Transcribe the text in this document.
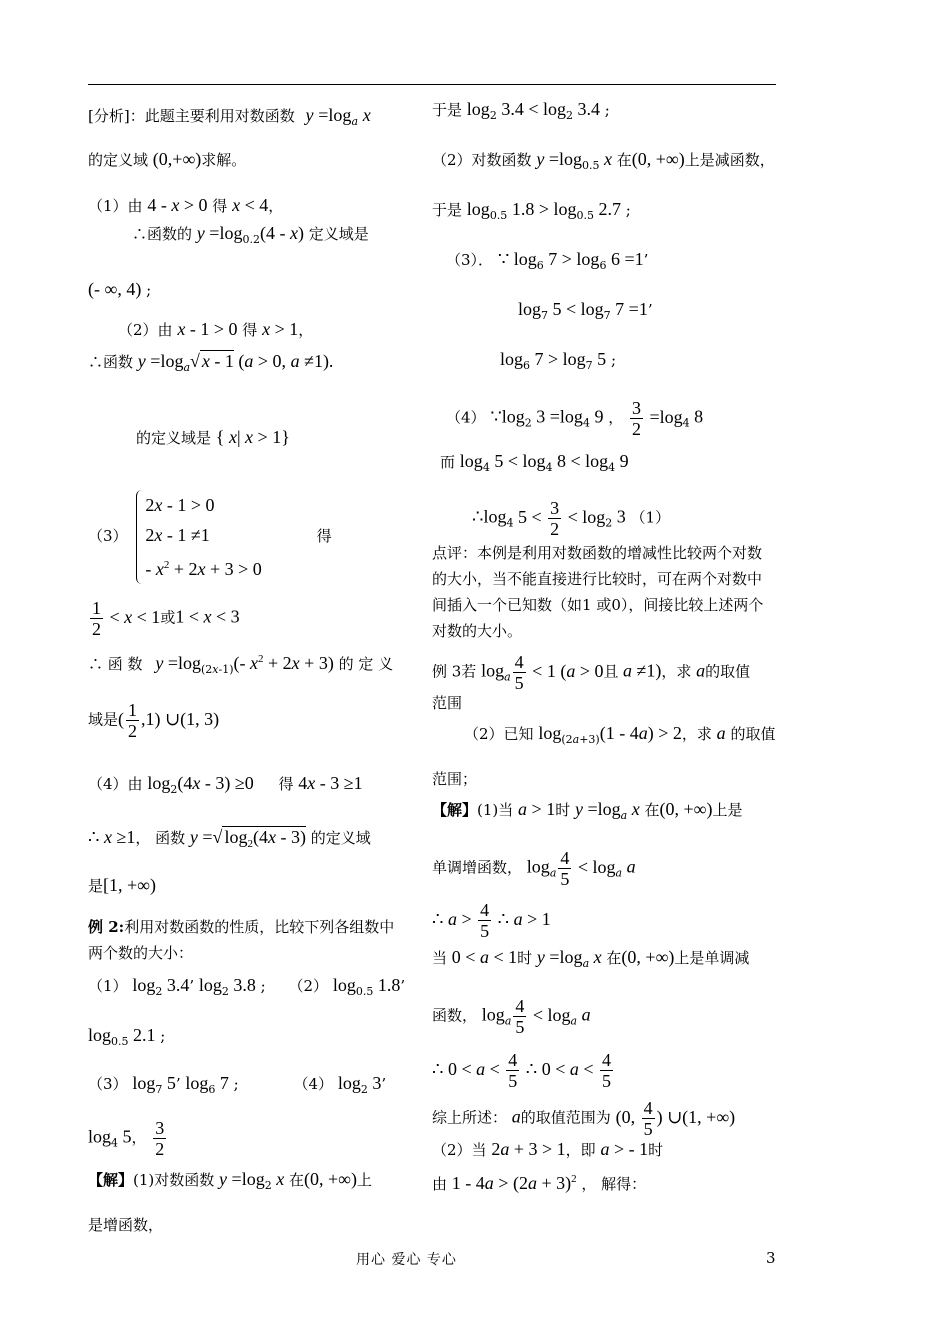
[分析]：此题主要利用对数函数 $y =\log_a$ x
的定义域 (0,+∞)求解。
（1）由 4 - x > 0 得 x < 4，
∴函数的 $y =\log_{0.2}(4 - x)$ 定义域是
(- ∞, 4) ;
（2）由 x - 1 > 0 得 x > 1，
∴函数 $y =\log_a√$ x - 1 (a > 0, a ≠1).
的定义域是 { x| x > 1}
（3）
2x - 1 > 0
2x - 1 ≠1
- $x^2 + 2x + 3 > 0$
得
$\frac{1}{2} < x < 1$或1 < x < 3
∴ 函 数 $y =\log_{(2x-1)}(-$ $x^2 + 2x + 3$) 的 定 义
域是( $\frac{1}{2} ,1$) ∪(1, 3)
（4）由 $\log_2(4x - 3) \ge 0$ 得 4x - 3 ≥1
∴ x ≥1， 函数 y =√ $\log_2(4x - 3)$ 的定义域
是[1, +∞)
例 2:利用对数函数的性质，比较下列各组数中两个数的大小：
（1） $\log_2 3.4$’ $\log_2 3.8$ ; （2） $\log_{0.5} 1.8$’
$\log_{0.5} 2.1$ ;
（3） $\log_7 5$’ $\log_6 7$ ;	（4） $\log_2 3$’
$\log_4 5$， $\frac{3}{2}$
【解】(1)对数函数 $y =\log_2$ x 在(0, +∞)上
是增函数，
于是 $\log_2 3.4 < \log_2 3.4$ ;
（2）对数函数 $y =\log_{0.5}$ x 在(0, +∞)上是减函数，
于是 $\log_{0.5} 1.8 > \log_{0.5} 2.7$ ;
（3）． ∵ $\log_6 7 > \log_6 6 =1$’
$\log_7 5 < \log_7 7 =1$’
$\log_6 7 > \log_7 5$ ;
（4） $\because\log_2$ $3 =\log_4$ 9 ， $\frac{3}{2} =\log_4$ 8
而 $\log_4 5 < \log_4 8 < \log_4 9$
$\therefore\log_4$ $5 < \frac{3}{2} < \log_2 3$ （1）
点评：本例是利用对数函数的增减性比较两个对数的大小，当不能直接进行比较时，可在两个对数中间插入一个已知数（如1 或0），间接比较上述两个对数的大小。
例 3若 $\log_a \frac{4}{5} < 1$ (a > 0且 a ≠1)，求 a的取值
范围
（2）已知 $\log_{(2a+3)}(1 - 4a) > 2$，求 a 的取值
范围；
【解】(1)当 a > 1时 $y =\log_a$ x 在(0, +∞)上是
单调增函数， $\log_a \frac{4}{5} < \log_a a$
∴ $a > \frac{4}{5}$ ∴ a > 1
当 0 < a < 1时 $y =\log_a$ x 在(0, +∞)上是单调减
函数， $\log_a \frac{4}{5} < \log_a a$
∴ $0 < a < \frac{4}{5}$ ∴ $0 < a < \frac{4}{5}$
综上所述： a的取值范围为 (0, $\frac{4}{5}$ ) ∪(1, +∞)
（2）当 2a + 3 > 1，即 a > - 1时
由 $1 - 4a > (2a + 3)^2$ ， 解得：
用心 爱心 专心	3
